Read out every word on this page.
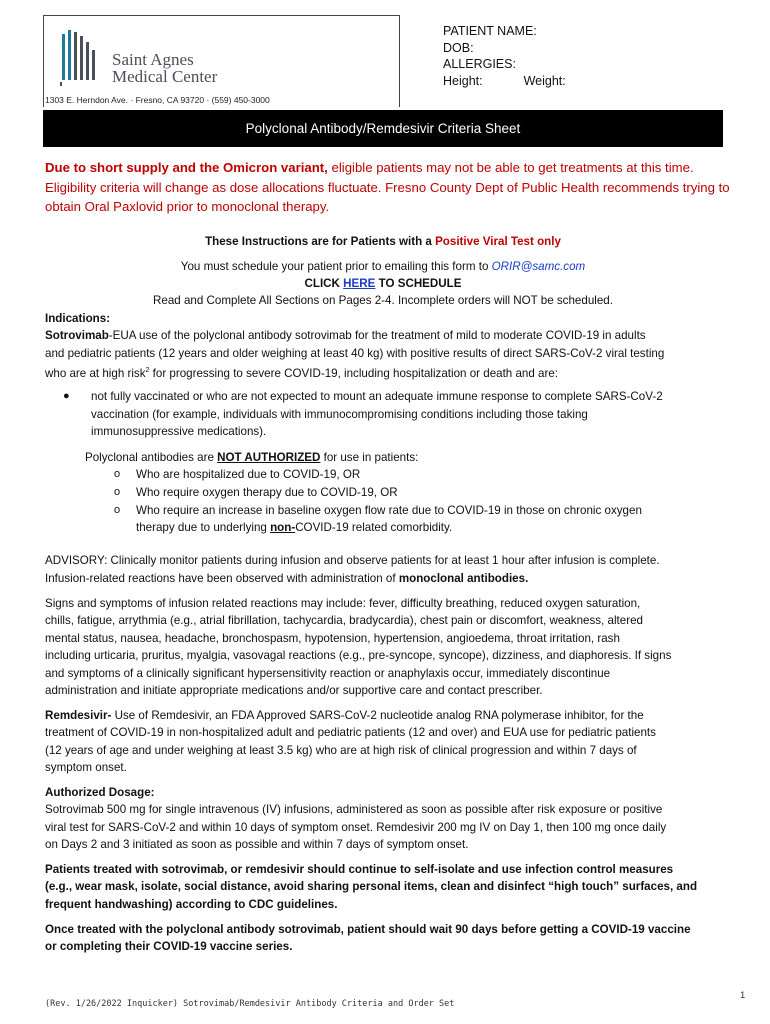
Saint Agnes
Medical Center
1303 E. Herndon Ave. · Fresno, CA 93720 · (559) 450-3000
PATIENT NAME:
DOB:
ALLERGIES:
Height:	Weight:
Polyclonal Antibody/Remdesivir Criteria Sheet
Due to short supply and the Omicron variant, eligible patients may not be able to get treatments at this time. Eligibility criteria will change as dose allocations fluctuate. Fresno County Dept of Public Health recommends trying to obtain Oral Paxlovid prior to monoclonal therapy.
These Instructions are for Patients with a Positive Viral Test only
You must schedule your patient prior to emailing this form to ORIR@samc.com
CLICK HERE TO SCHEDULE
Read and Complete All Sections on Pages 2-4. Incomplete orders will NOT be scheduled.
Indications:
Sotrovimab-EUA use of the polyclonal antibody sotrovimab for the treatment of mild to moderate COVID-19 in adults
and pediatric patients (12 years and older weighing at least 40 kg) with positive results of direct SARS-CoV-2 viral testing
who are at high risk$^2$ for progressing to severe COVID-19, including hospitalization or death and are:
● not fully vaccinated or who are not expected to mount an adequate immune response to complete SARS-CoV-2
vaccination (for example, individuals with immunocompromising conditions including those taking
immunosuppressive medications).
Polyclonal antibodies are NOT AUTHORIZED for use in patients:
o Who are hospitalized due to COVID-19, OR
o Who require oxygen therapy due to COVID-19, OR
o Who require an increase in baseline oxygen flow rate due to COVID-19 in those on chronic oxygen
therapy due to underlying non-COVID-19 related comorbidity.
ADVISORY: Clinically monitor patients during infusion and observe patients for at least 1 hour after infusion is complete.
Infusion-related reactions have been observed with administration of monoclonal antibodies.
Signs and symptoms of infusion related reactions may include: fever, difficulty breathing, reduced oxygen saturation,
chills, fatigue, arrythmia (e.g., atrial fibrillation, tachycardia, bradycardia), chest pain or discomfort, weakness, altered
mental status, nausea, headache, bronchospasm, hypotension, hypertension, angioedema, throat irritation, rash
including urticaria, pruritus, myalgia, vasovagal reactions (e.g., pre-syncope, syncope), dizziness, and diaphoresis. If signs
and symptoms of a clinically significant hypersensitivity reaction or anaphylaxis occur, immediately discontinue
administration and initiate appropriate medications and/or supportive care and contact prescriber.
Remdesivir- Use of Remdesivir, an FDA Approved SARS-CoV-2 nucleotide analog RNA polymerase inhibitor, for the
treatment of COVID-19 in non-hospitalized adult and pediatric patients (12 and over) and EUA use for pediatric patients
(12 years of age and under weighing at least 3.5 kg) who are at high risk of clinical progression and within 7 days of
symptom onset.
Authorized Dosage:
Sotrovimab 500 mg for single intravenous (IV) infusions, administered as soon as possible after risk exposure or positive
viral test for SARS-CoV-2 and within 10 days of symptom onset. Remdesivir 200 mg IV on Day 1, then 100 mg once daily
on Days 2 and 3 initiated as soon as possible and within 7 days of symptom onset.
Patients treated with sotrovimab, or remdesivir should continue to self-isolate and use infection control measures
(e.g., wear mask, isolate, social distance, avoid sharing personal items, clean and disinfect “high touch” surfaces, and
frequent handwashing) according to CDC guidelines.
Once treated with the polyclonal antibody sotrovimab, patient should wait 90 days before getting a COVID-19 vaccine
or completing their COVID-19 vaccine series.
(Rev. 1/26/2022 Inquicker) Sotrovimab/Remdesivir Antibody Criteria and Order Set
1
